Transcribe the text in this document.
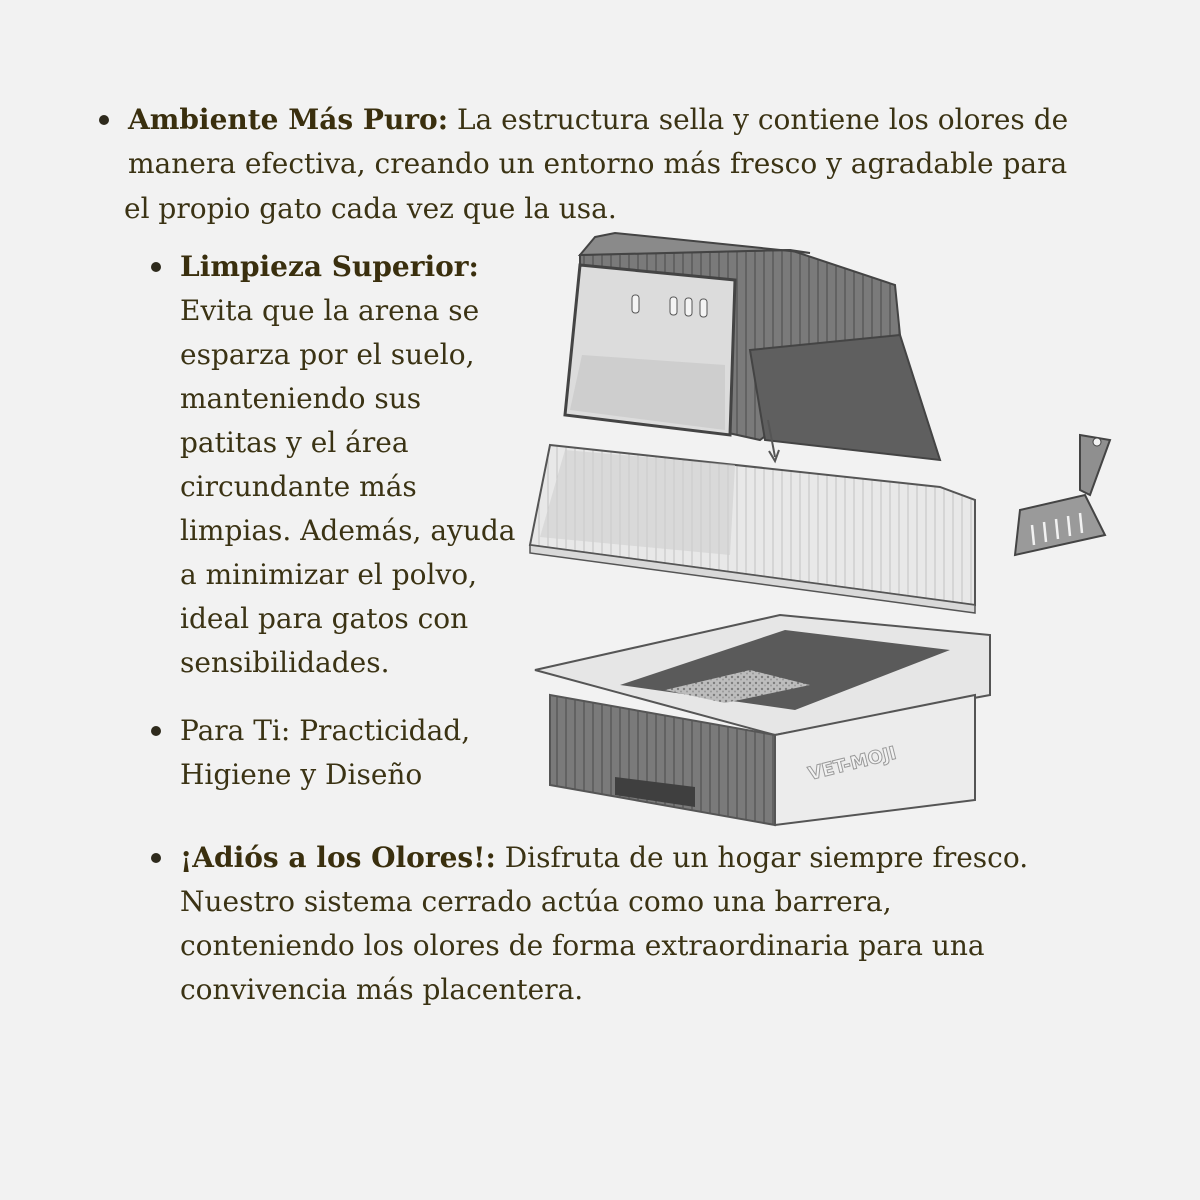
Ambiente Más Puro: La estructura sella y contiene los olores de

manera efectiva, creando un entorno más fresco y agradable para

el propio gato cada vez que la usa.

Limpieza Superior:

Evita que la arena se

esparza por el suelo,

manteniendo sus

patitas y el área

circundante más

limpias. Además, ayuda

a minimizar el polvo,

ideal para gatos con

sensibilidades.

Para Ti: Practicidad,

Higiene y Diseño

¡Adiós a los Olores!: Disfruta de un hogar siempre fresco.

Nuestro sistema cerrado actúa como una barrera,

conteniendo los olores de forma extraordinaria para una

convivencia más placentera.

VET-MOJI
